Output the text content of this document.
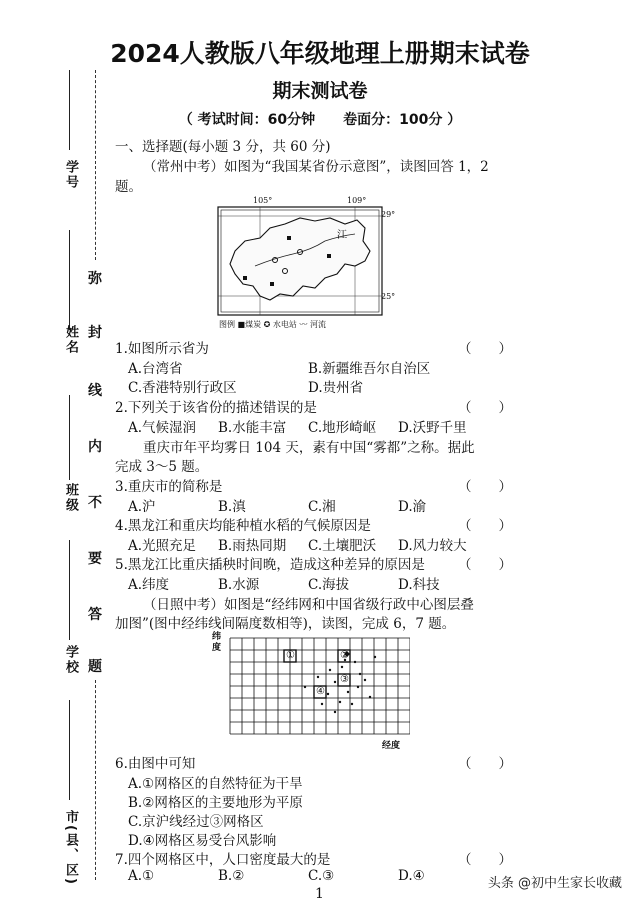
2024人教版八年级地理上册期末试卷
期末测试卷
（ 考试时间：60分钟　　卷面分：100分 ）
学号
姓名
班级
学校
市(县、区)
弥
封
线
内
不
要
答
题
一、选择题(每小题 3 分，共 60 分)
（常州中考）如图为“我国某省份示意图”，读图回答 1，2
题。
105°	109°
29°
25°
江
图例 ■煤炭 ✪ 水电站 〰 河流
1.如图所示省为	（　　）
A.台湾省	B.新疆维吾尔自治区
C.香港特别行政区	D.贵州省
2.下列关于该省份的描述错误的是	（　　）
A.气候湿润 B.水能丰富 C.地形崎岖 D.沃野千里
重庆市年平均雾日 104 天，素有中国“雾都”之称。据此
完成 3～5 题。
3.重庆市的简称是	（　　）
A.沪	B.滇	C.湘	D.渝
4.黑龙江和重庆均能种植水稻的气候原因是	（　　）
A.光照充足 B.雨热同期 C.土壤肥沃 D.风力较大
5.黑龙江比重庆插秧时间晚，造成这种差异的原因是 （　　）
A.纬度	B.水源	C.海拔	D.科技
（日照中考）如图是“经纬网和中国省级行政中心图层叠
加图”(图中经纬线间隔度数相等)，读图，完成 6，7 题。
纬度
①	②
③
④
经度
6.由图中可知	（　　）
A.①网格区的自然特征为干旱
B.②网格区的主要地形为平原
C.京沪线经过③网格区
D.④网格区易受台风影响
7.四个网格区中，人口密度最大的是	（　　）
A.①	B.②	C.③	D.④
1
头条 @初中生家长收藏
